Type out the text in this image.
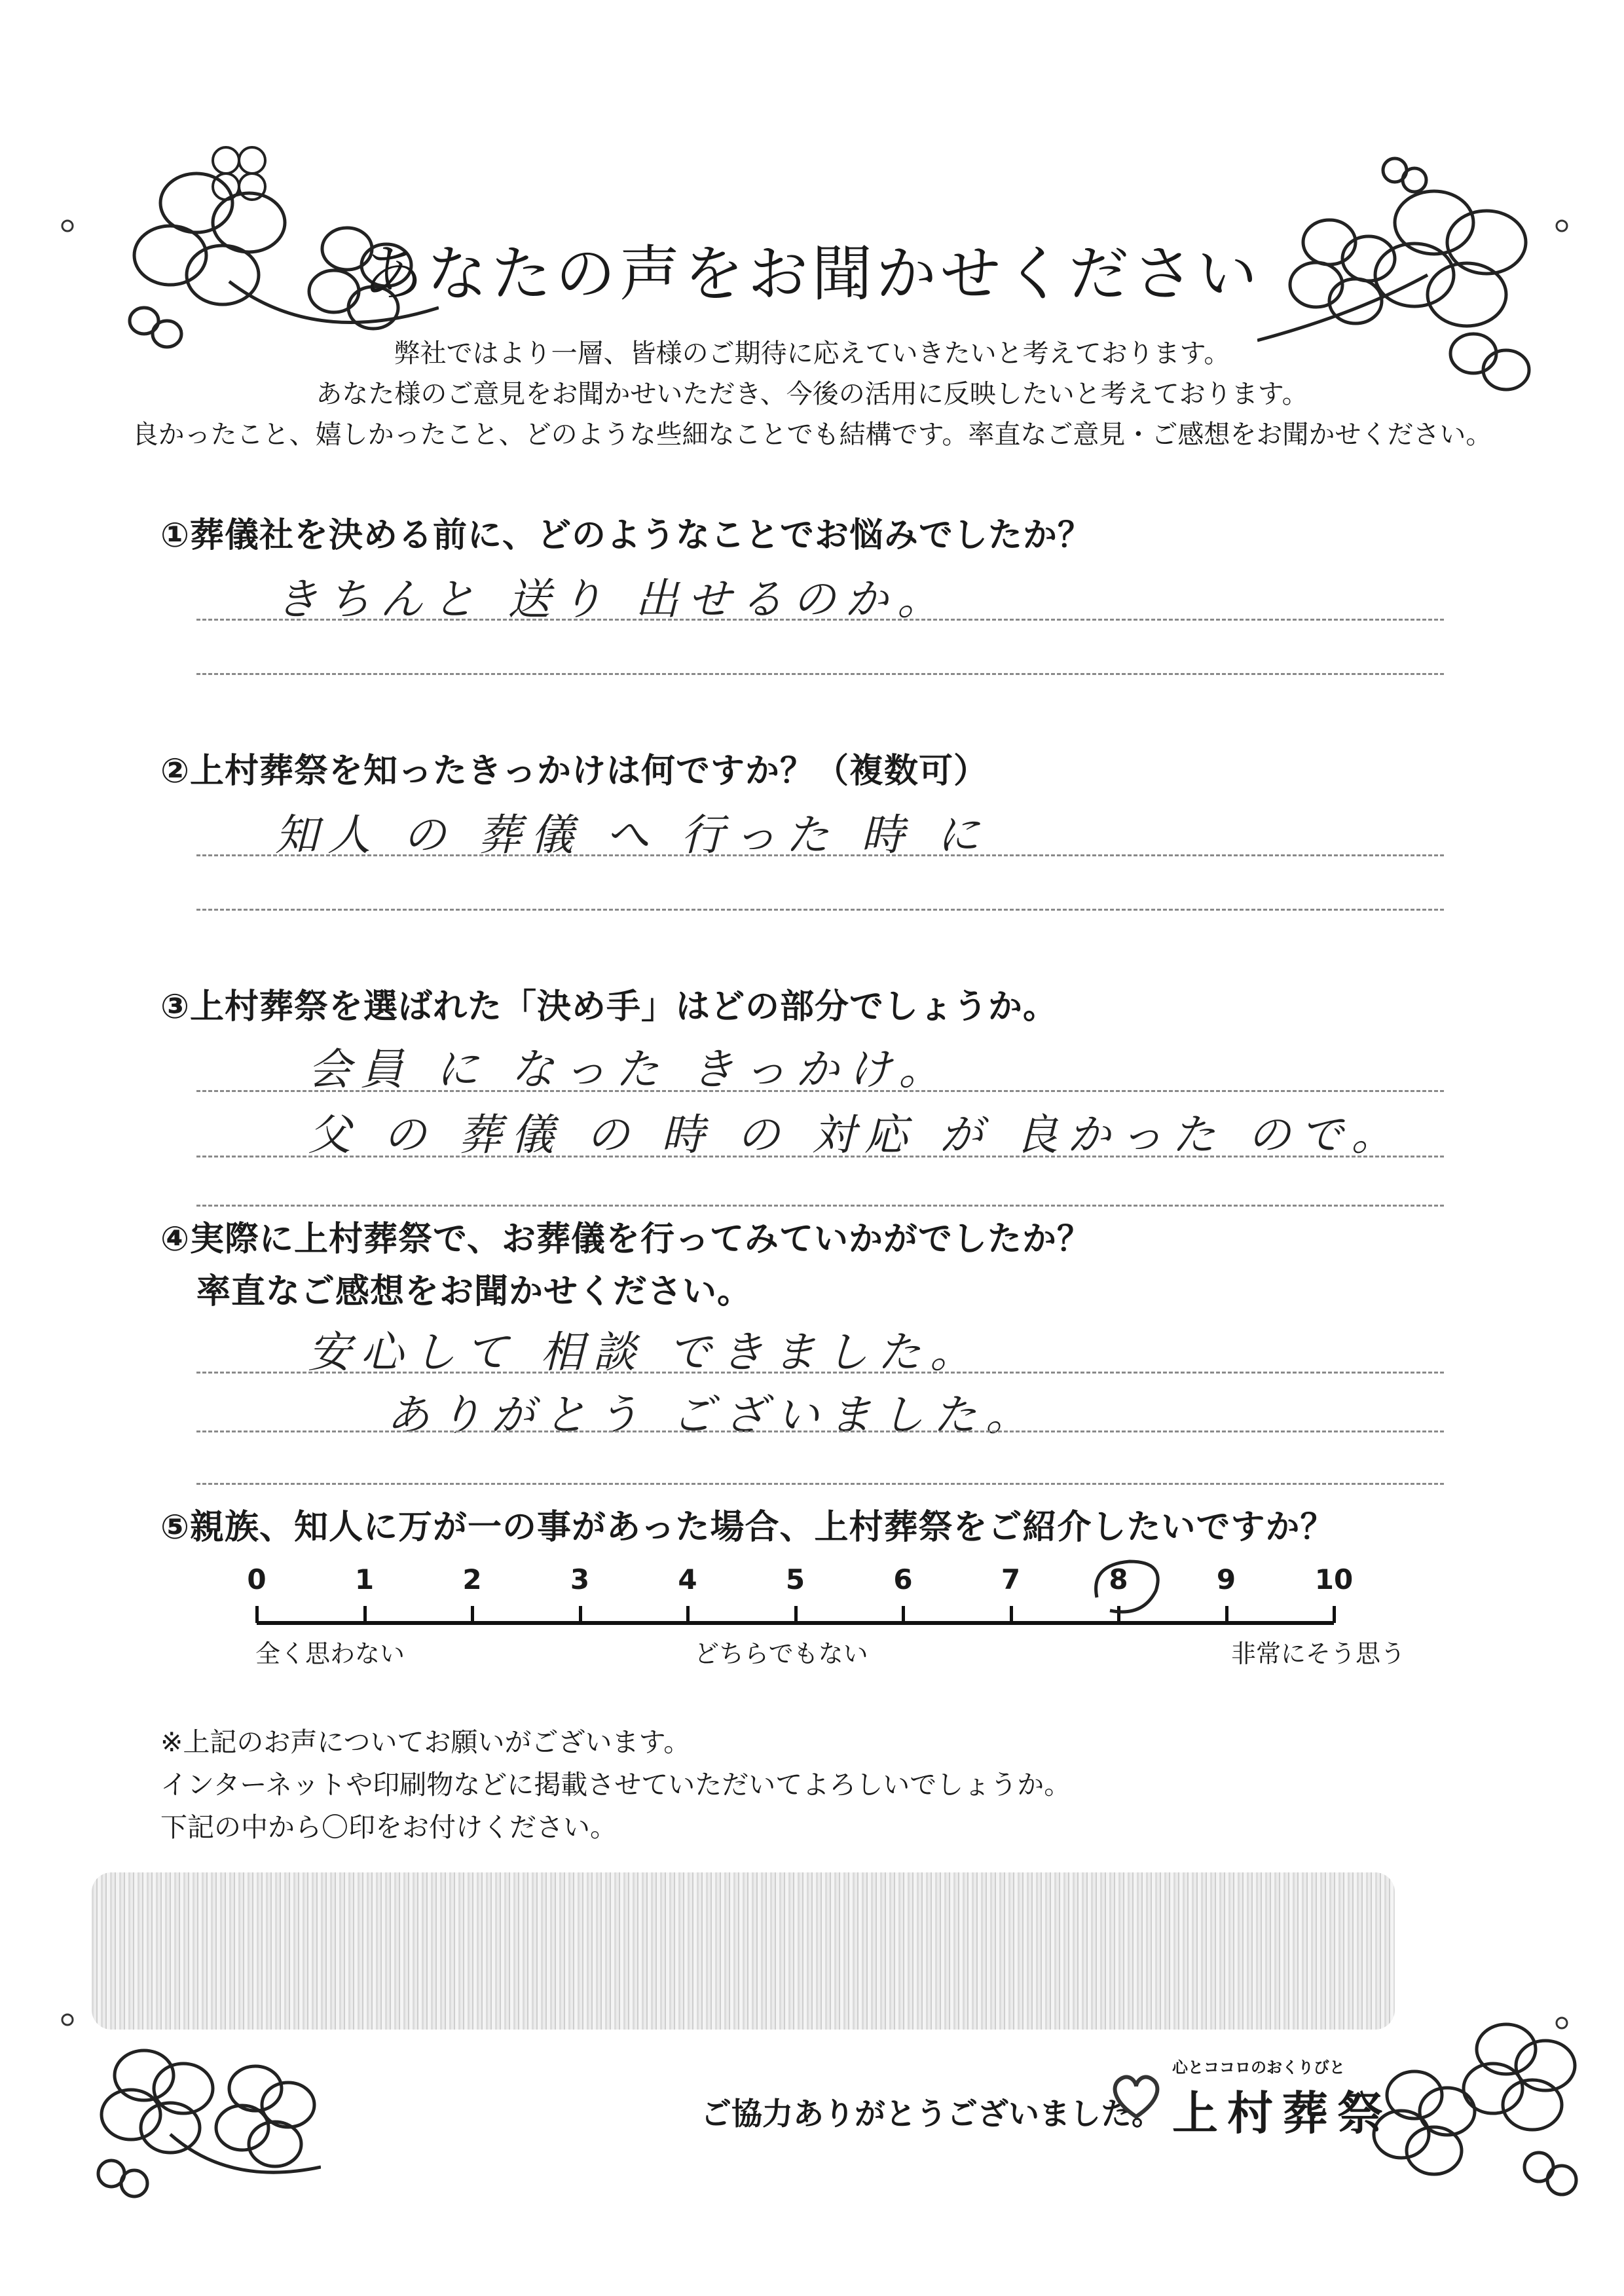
あなたの声をお聞かせください
弊社ではより一層、皆様のご期待に応えていきたいと考えております。
あなた様のご意見をお聞かせいただき、今後の活用に反映したいと考えております。
良かったこと、嬉しかったこと、どのような些細なことでも結構です。率直なご意見・ご感想をお聞かせください。
①葬儀社を決める前に、どのようなことでお悩みでしたか？
きちんと 送り 出せるのか。
②上村葬祭を知ったきっかけは何ですか？（複数可）
知人 の 葬儀 へ 行った 時 に
③上村葬祭を選ばれた「決め手」はどの部分でしょうか。
会員 に なった きっかけ。
父 の 葬儀 の 時 の 対応 が 良かった ので。
④実際に上村葬祭で、お葬儀を行ってみていかがでしたか？
率直なご感想をお聞かせください。
安心して 相談 できました。
ありがとう ございました。
⑤親族、知人に万が一の事があった場合、上村葬祭をご紹介したいですか？
0	1	2	3	4	5	6	7	8	9	10
全く思わない	どちらでもない	非常にそう思う
※上記のお声についてお願いがございます。
インターネットや印刷物などに掲載させていただいてよろしいでしょうか。
下記の中から〇印をお付けください。
ご協力ありがとうございました。
心とココロのおくりびと
上村葬祭
